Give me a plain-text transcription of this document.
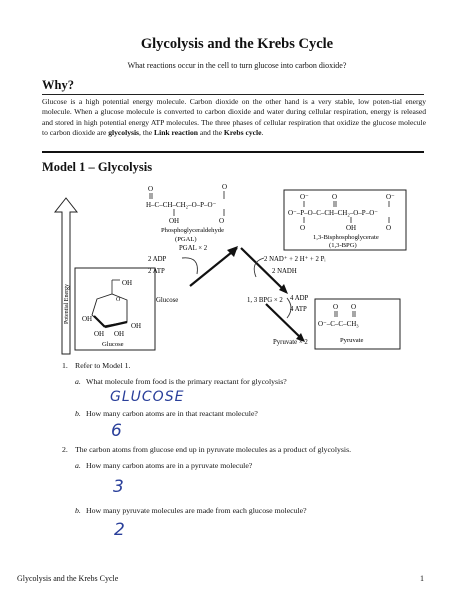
Glycolysis and the Krebs Cycle
What reactions occur in the cell to turn glucose into carbon dioxide?
Why?
Glucose is a high potential energy molecule. Carbon dioxide on the other hand is a very stable, low poten-tial energy molecule. When a glucose molecule is converted to carbon dioxide and water during cellular respiration, energy is released and stored in high potential energy ATP molecules. The three phases of cellular respiration that oxidize the glucose molecule to carbon dioxide are glycolysis, the Link reaction and the Krebs cycle.
Model 1 – Glycolysis
Potential Energy
O	O
H–C–CH–CH₂–O–P–O⁻
OH	O
Phosphoglyceraldehyde
(PGAL)
O⁻	O	O⁻
O⁻–P–O–C–CH–CH₂–O–P–O⁻
O	OH	O
1,3-Bisphosphoglycerate
(1,3-BPG)
OH
O
OH
OH OH
OH
Glucose
O O
O⁻–C–C–CH₃
Pyruvate
PGAL × 2
2 ADP
2 ATP
Glucose
2 NAD⁺ + 2 H⁺ + 2 Pᵢ
2 NADH
1, 3 BPG × 2 4 ADP
4 ATP
Pyruvate × 2
1. Refer to Model 1.
a. What molecule from food is the primary reactant for glycolysis?
GLUCOSE
b. How many carbon atoms are in that reactant molecule?
6
2. The carbon atoms from glucose end up in pyruvate molecules as a product of glycolysis.
a. How many carbon atoms are in a pyruvate molecule?
3
b. How many pyruvate molecules are made from each glucose molecule?
2
Glycolysis and the Krebs Cycle	1
